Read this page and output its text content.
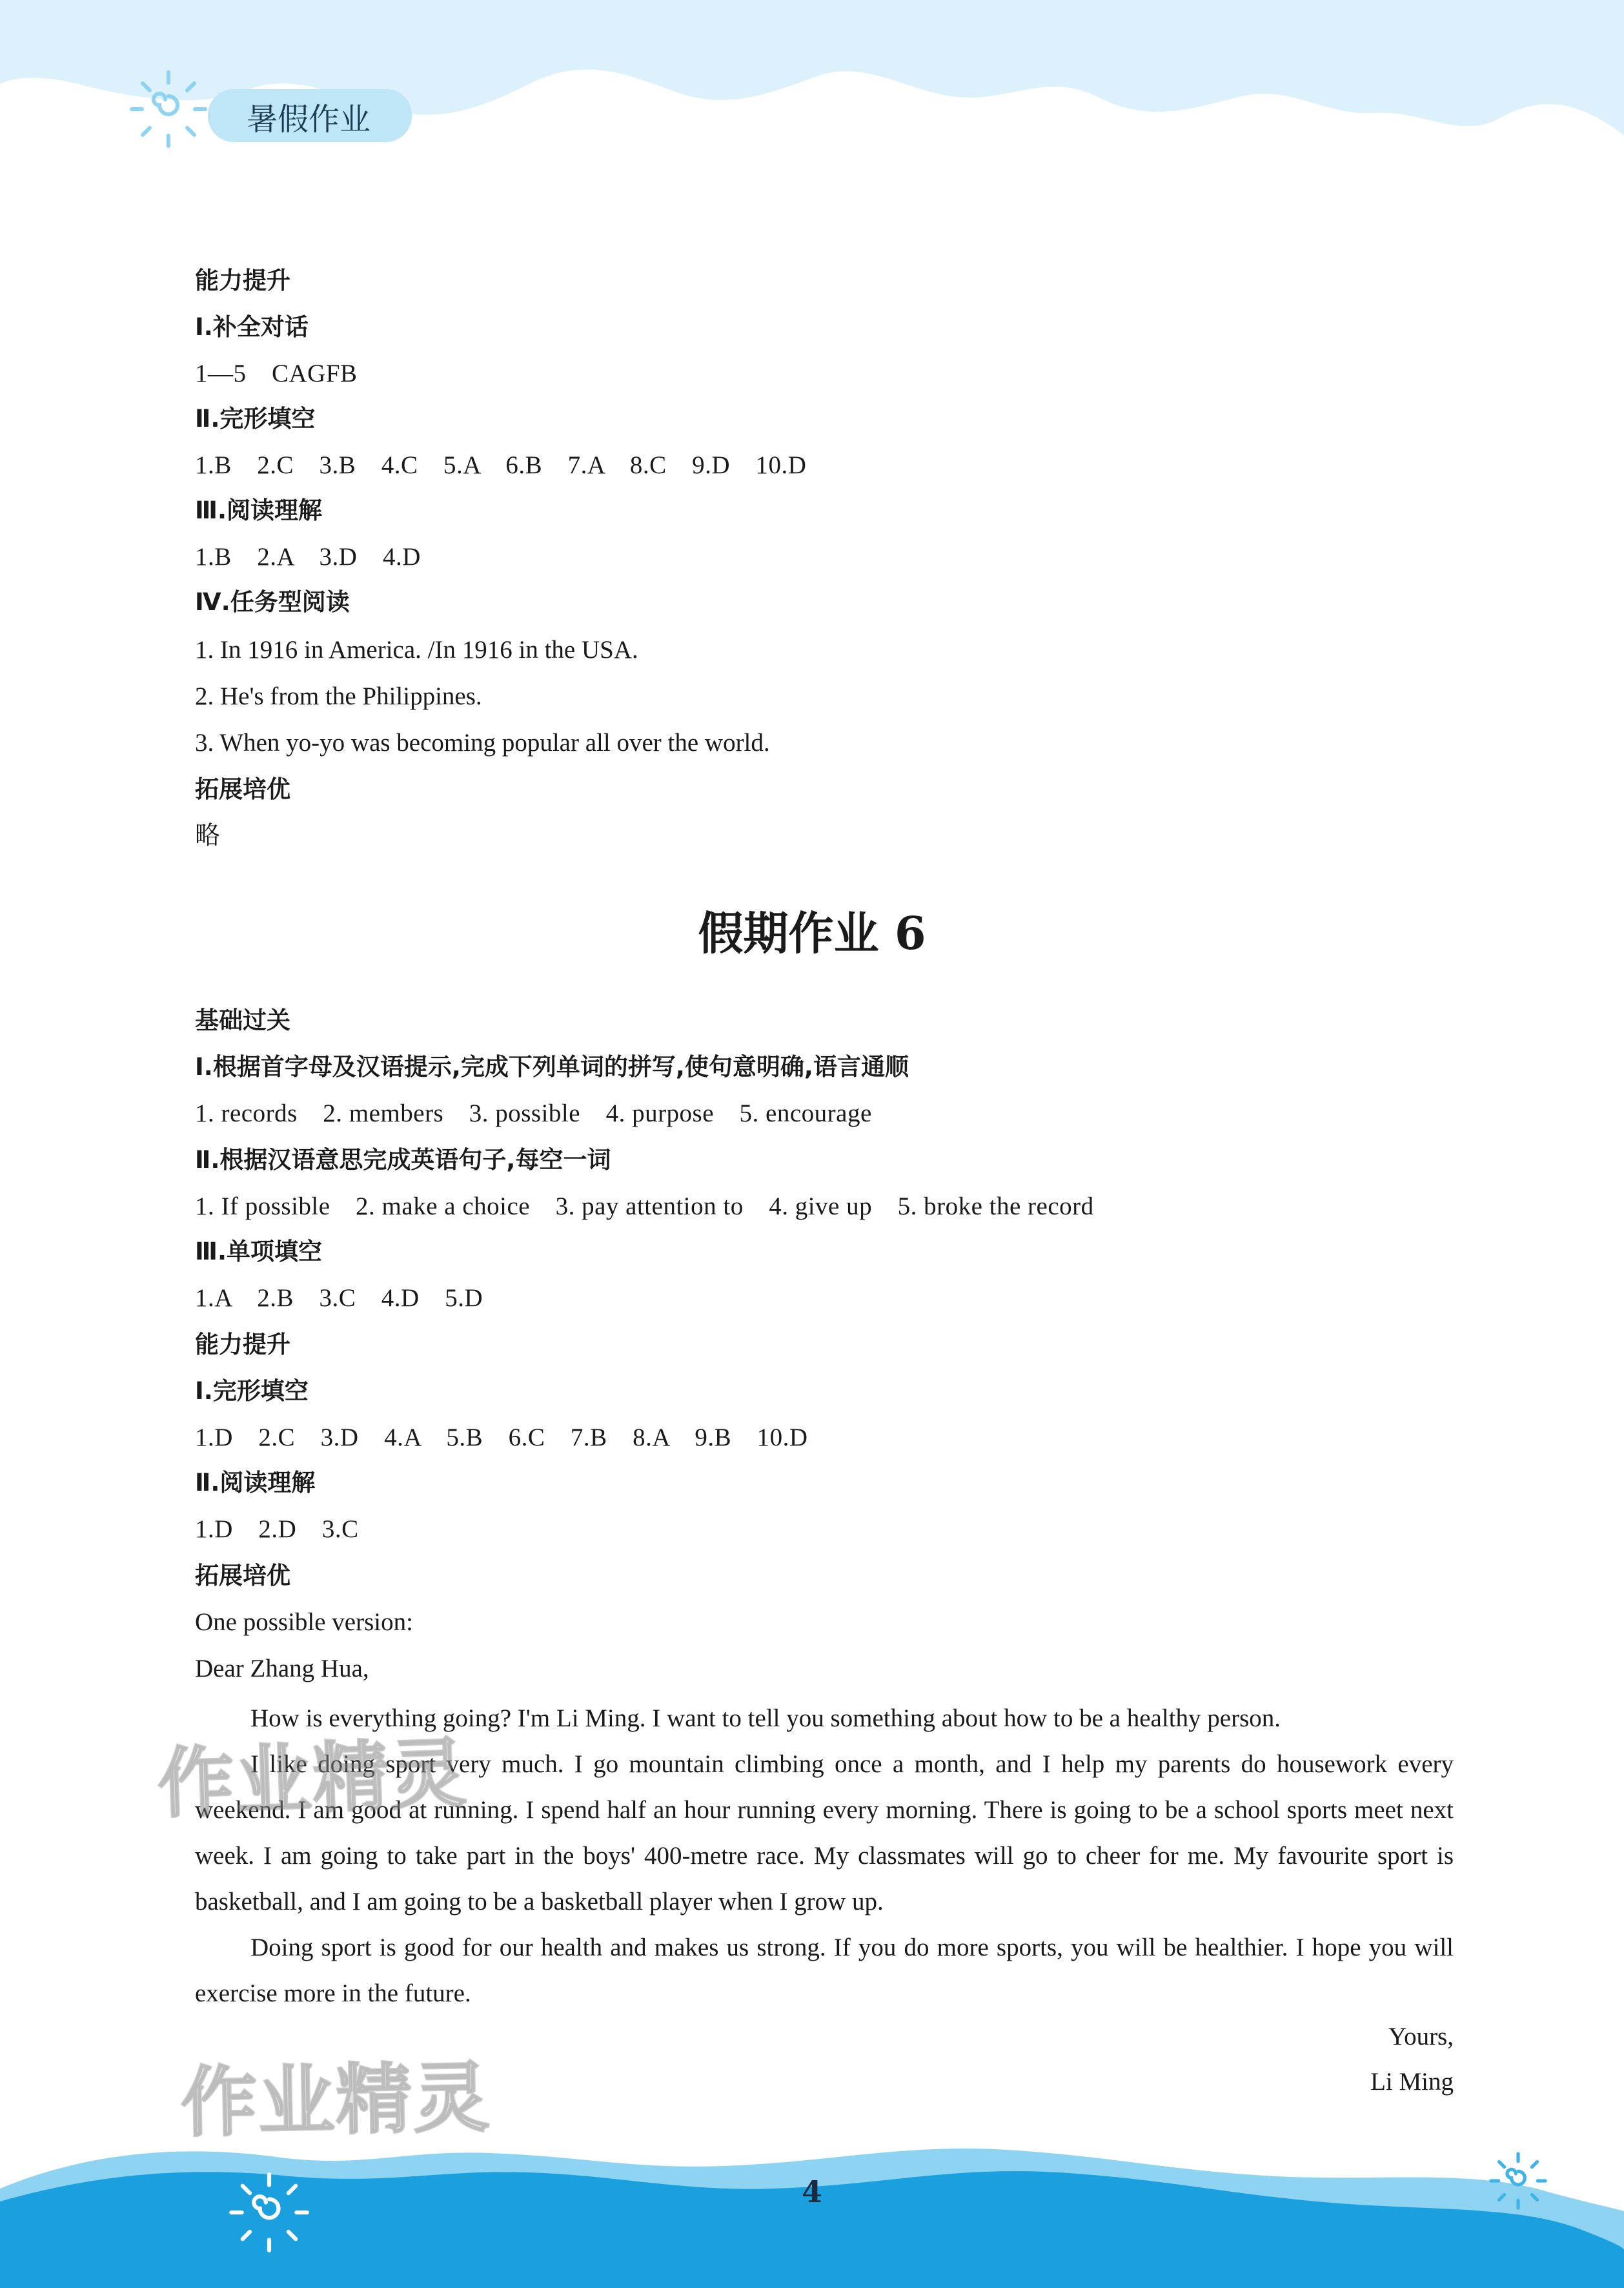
暑假作业
能力提升
Ⅰ.补全对话
1—5　CAGFB
Ⅱ.完形填空
1.B　2.C　3.B　4.C　5.A　6.B　7.A　8.C　9.D　10.D
Ⅲ.阅读理解
1.B　2.A　3.D　4.D
Ⅳ.任务型阅读
1. In 1916 in America. /In 1916 in the USA.
2. He's from the Philippines.
3. When yo-yo was becoming popular all over the world.
拓展培优
略
假期作业 6
基础过关
Ⅰ.根据首字母及汉语提示,完成下列单词的拼写,使句意明确,语言通顺
1. records　2. members　3. possible　4. purpose　5. encourage
Ⅱ.根据汉语意思完成英语句子,每空一词
1. If possible　2. make a choice　3. pay attention to　4. give up　5. broke the record
Ⅲ.单项填空
1.A　2.B　3.C　4.D　5.D
能力提升
Ⅰ.完形填空
1.D　2.C　3.D　4.A　5.B　6.C　7.B　8.A　9.B　10.D
Ⅱ.阅读理解
1.D　2.D　3.C
拓展培优
One possible version:
Dear Zhang Hua,
How is everything going? I'm Li Ming. I want to tell you something about how to be a healthy person.
I like doing sport very much. I go mountain climbing once a month, and I help my parents do housework every weekend. I am good at running. I spend half an hour running every morning. There is going to be a school sports meet next week. I am going to take part in the boys' 400-metre race. My classmates will go to cheer for me. My favourite sport is basketball, and I am going to be a basketball player when I grow up.
Doing sport is good for our health and makes us strong. If you do more sports, you will be healthier. I hope you will exercise more in the future.
Yours,
Li Ming
作业精灵
作业精灵
4
